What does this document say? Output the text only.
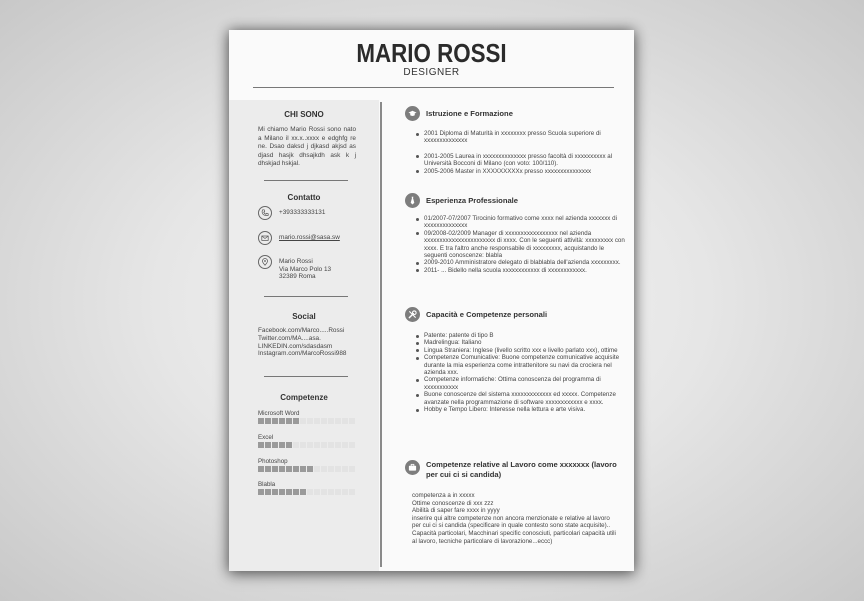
MARIO ROSSI
DESIGNER
CHI SONO
Mi chiamo Mario Rossi sono nato a Milano il xx.x..xxxx e edghfg re ne. Dsao daksd j djkasd akjsd as djasd hasjk dhsajkdh ask k j dhskjad hskjal.
Contatto
+393333333131
mario.rossi@sasa.sw
Mario Rossi
Via Marco Polo 13
32389 Roma
Social
Facebook.com/Marco.....Rossi
Twitter.com/MA....asa.
LINKEDIN.com/sdasdasm
Instagram.com/MarcoRossi988
Competenze
Microsoft Word
Excel
Photoshop
Blabla
Istruzione e Formazione
2001 Diploma di Maturità in xxxxxxxx presso Scuola superiore di xxxxxxxxxxxxxx
2001-2005 Laurea in xxxxxxxxxxxxxx presso facoltà di xxxxxxxxxx al Università Bocconi di Milano (con voto: 100/110).
2005-2006 Master in XXXXXXXXXx presso xxxxxxxxxxxxxxx
Esperienza Professionale
01/2007-07/2007 Tirocinio formativo come xxxx nel azienda xxxxxxx di xxxxxxxxxxxxxx
09/2008-02/2009 Manager di xxxxxxxxxxxxxxxxx nel azienda xxxxxxxxxxxxxxxxxxxxxxx di xxxx. Con le seguenti attività: xxxxxxxxx con xxxx. E tra l'altro anche responsabile di xxxxxxxxx, acquistando le seguenti conoscenze: blabla
2009-2010 Amministratore delegato di blablabla dell'azienda xxxxxxxxx.
2011- ... Bidello nella scuola xxxxxxxxxxxx di xxxxxxxxxxxx.
Capacità e Competenze personali
Patente: patente di tipo B
Madrelingua: Italiano
Lingua Straniera: Inglese (livello scritto xxx e livello parlato xxx), ottime
Competenze Comunicative: Buone competenze comunicative acquisite durante la mia esperienza come intrattenitore su navi da crociera nel azienda xxx.
Competenze informatiche: Ottima conoscenza del programma di xxxxxxxxxxx
Buone conoscenze del sistema xxxxxxxxxxxxx ed xxxxx. Competenze avanzate nella programmazione di software xxxxxxxxxxxx e xxxx.
Hobby e Tempo Libero: Interesse nella lettura e arte visiva.
Competenze relative al Lavoro come xxxxxxx (lavoro per cui ci si candida)
competenza a in xxxxx
Ottime conoscenze di xxx zzz
Abilità di saper fare xxxx in yyyy
inserire qui altre competenze non ancora menzionate e relative al lavoro per cui ci si candida (specificare in quale contesto sono state acquisite).. Capacità particolari, Macchinari specific conosciuti, particolari capacità utili al lavoro, tecniche particolare di lavorazione...eccc)
